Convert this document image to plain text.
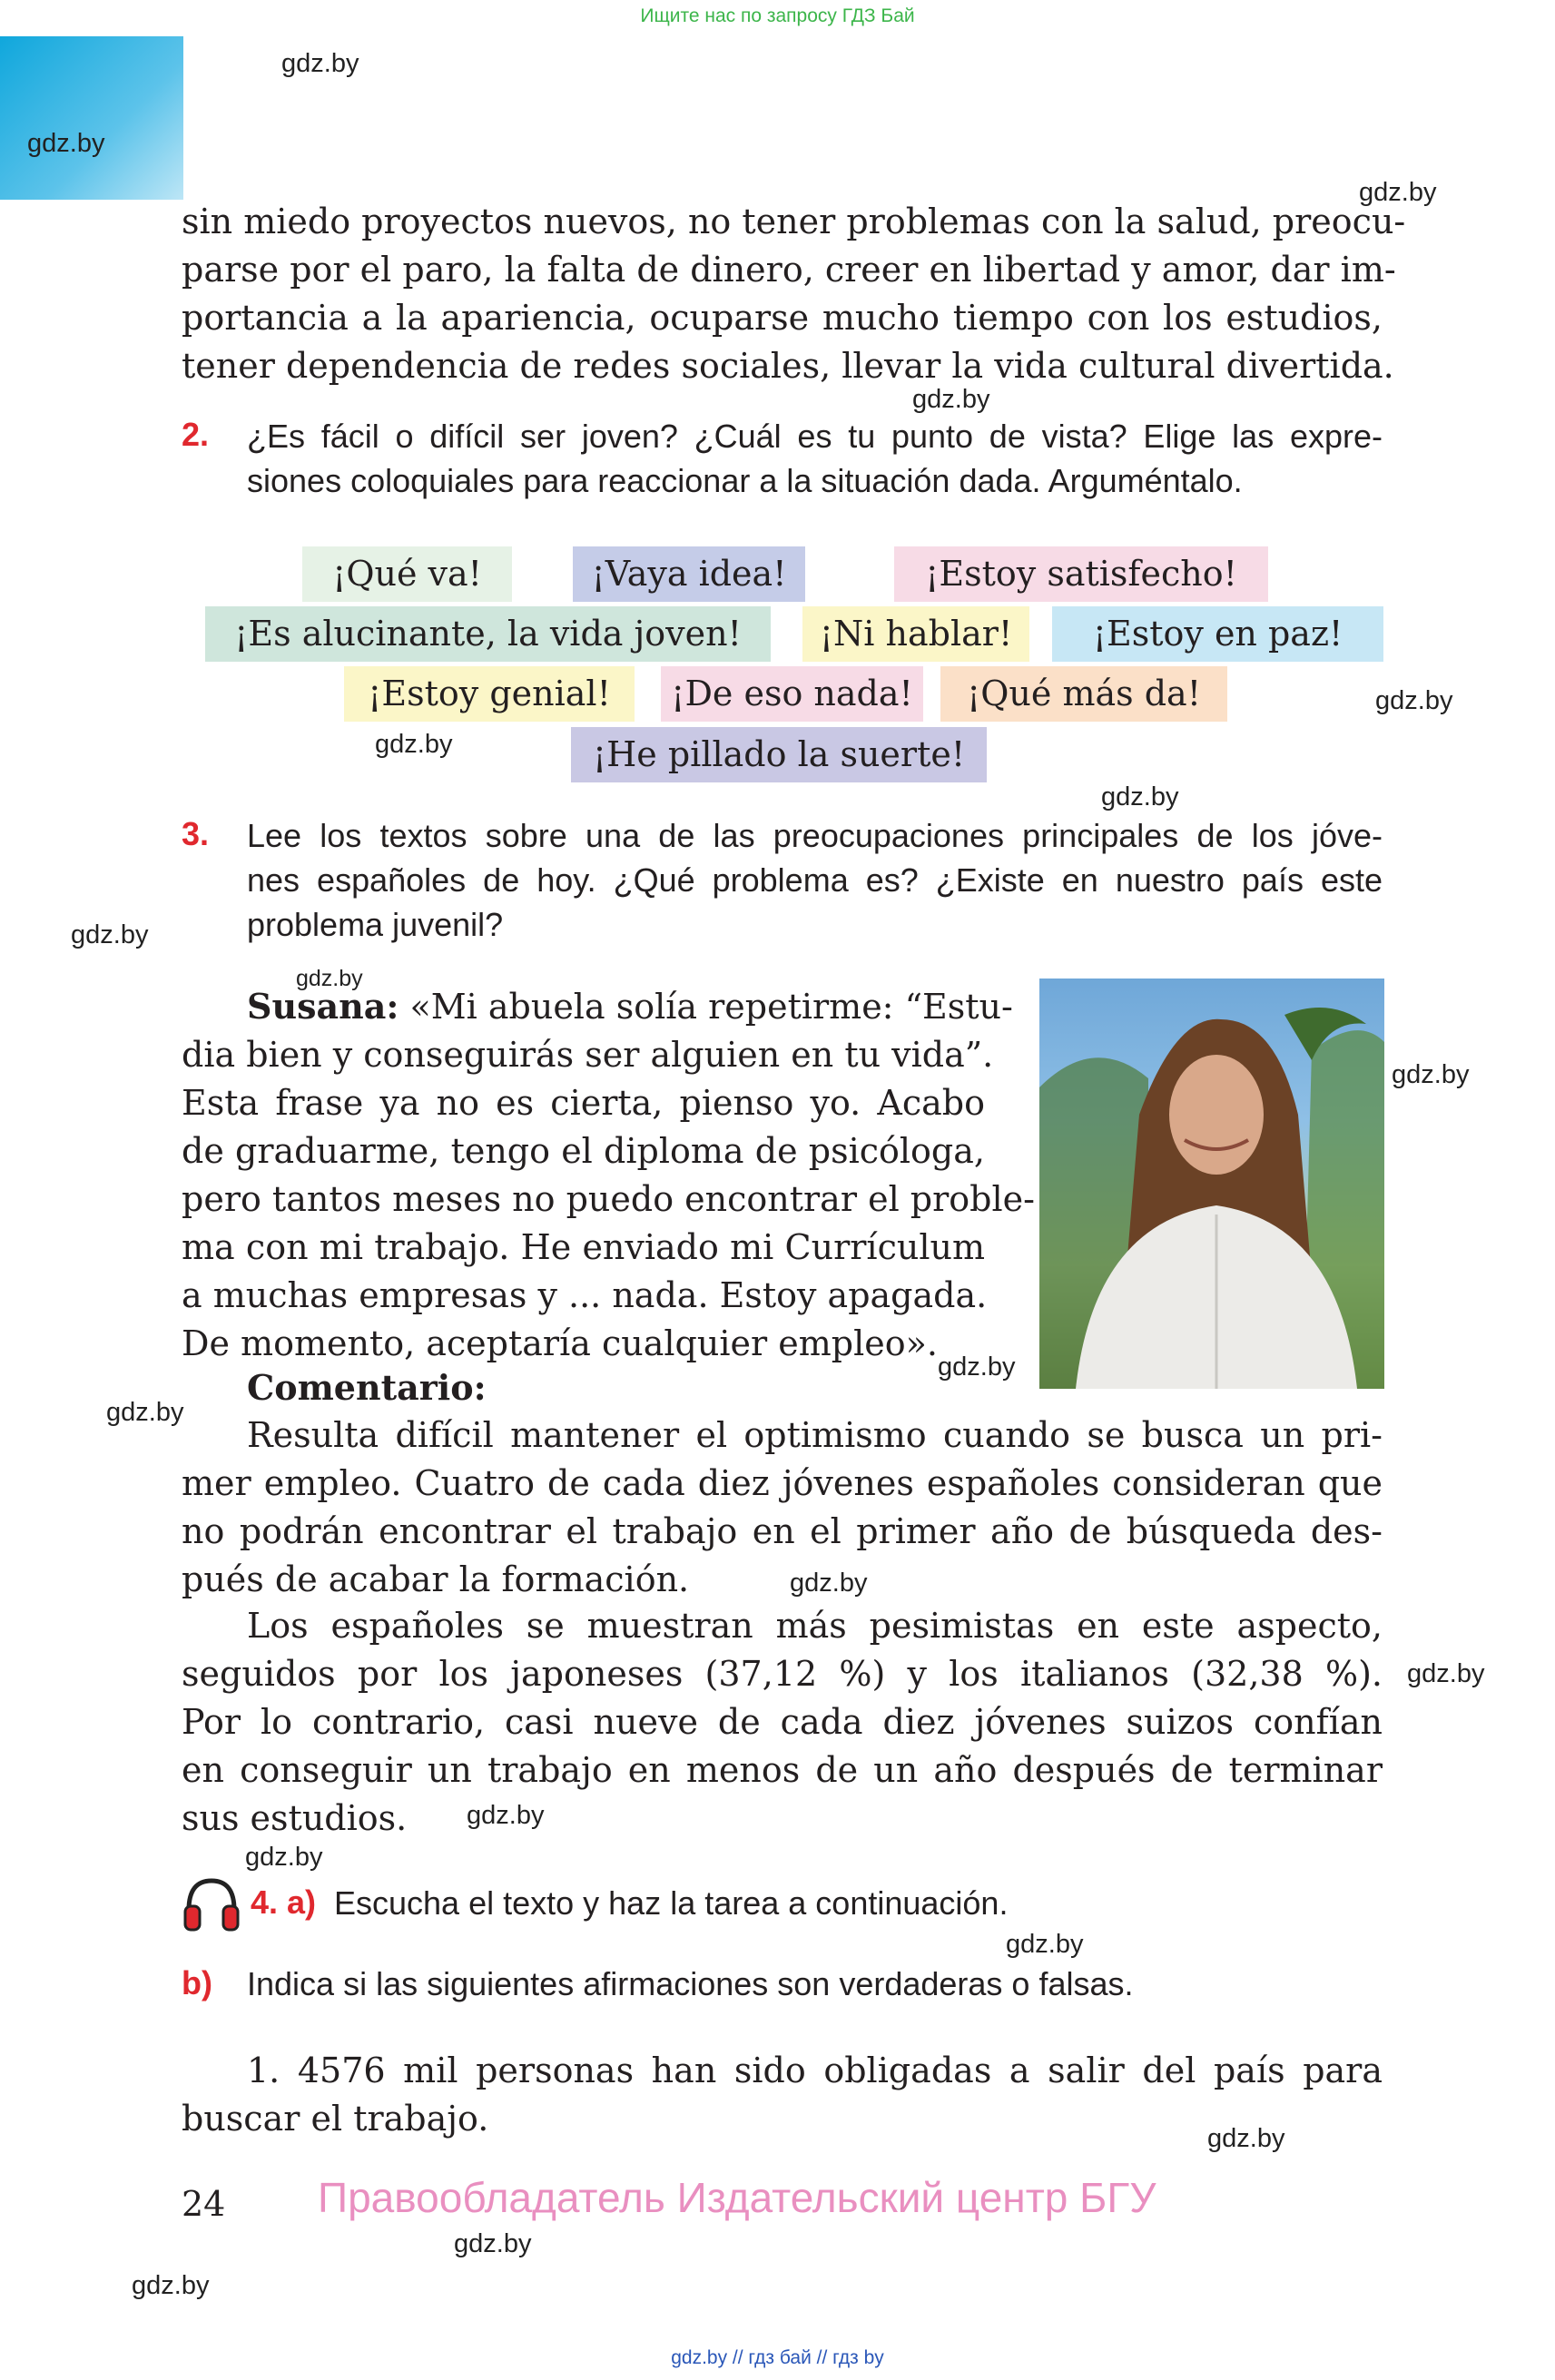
Ищите нас по запросу ГДЗ Бай
gdz.by
gdz.by
gdz.by
gdz.by
gdz.by
gdz.by
gdz.by
gdz.by
gdz.by
gdz.by
gdz.by
gdz.by
gdz.by
gdz.by
gdz.by
gdz.by
gdz.by
gdz.by
gdz.by
gdz.by
sin miedo proyectos nuevos, no tener problemas con la salud, preocu-
parse por el paro, la falta de dinero, creer en libertad y amor, dar im-
portancia a la apariencia, ocuparse mucho tiempo con los estudios,
tener dependencia de redes sociales, llevar la vida cultural divertida.
2. ¿Es fácil o difícil ser joven? ¿Cuál es tu punto de vista? Elige las expre-
siones coloquiales para reaccionar a la situación dada. Arguméntalo.
¡Qué va!	¡Vaya idea!	¡Estoy satisfecho!
¡Es alucinante, la vida joven!	¡Ni hablar!	¡Estoy en paz!
¡Estoy genial!	¡De eso nada!	¡Qué más da!
¡He pillado la suerte!
3. Lee los textos sobre una de las preocupaciones principales de los jóve-
nes españoles de hoy. ¿Qué problema es? ¿Existe en nuestro país este
problema juvenil?
Susana: «Mi abuela solía repetirme: “Estu-
dia bien y conseguirás ser alguien en tu vida”.
Esta frase ya no es cierta, pienso yo. Acabo
de graduarme, tengo el diploma de psicóloga,
pero tantos meses no puedo encontrar el proble-
ma con mi trabajo. He enviado mi Currículum
a muchas empresas y ... nada. Estoy apagada.
De momento, aceptaría cualquier empleo».
Comentario:
Resulta difícil mantener el optimismo cuando se busca un pri-
mer empleo. Cuatro de cada diez jóvenes españoles consideran que
no podrán encontrar el trabajo en el primer año de búsqueda des-
pués de acabar la formación.
Los españoles se muestran más pesimistas en este aspecto,
seguidos por los japoneses (37,12 %) y los italianos (32,38 %).
Por lo contrario, casi nueve de cada diez jóvenes suizos confían
en conseguir un trabajo en menos de un año después de terminar
sus estudios.
4. a) Escucha el texto y haz la tarea a continuación.
b) Indica si las siguientes afirmaciones son verdaderas o falsas.
1. 4576 mil personas han sido obligadas a salir del país para
buscar el trabajo.
24 Правообладатель Издательский центр БГУ
gdz.by // гдз бай // гдз by
